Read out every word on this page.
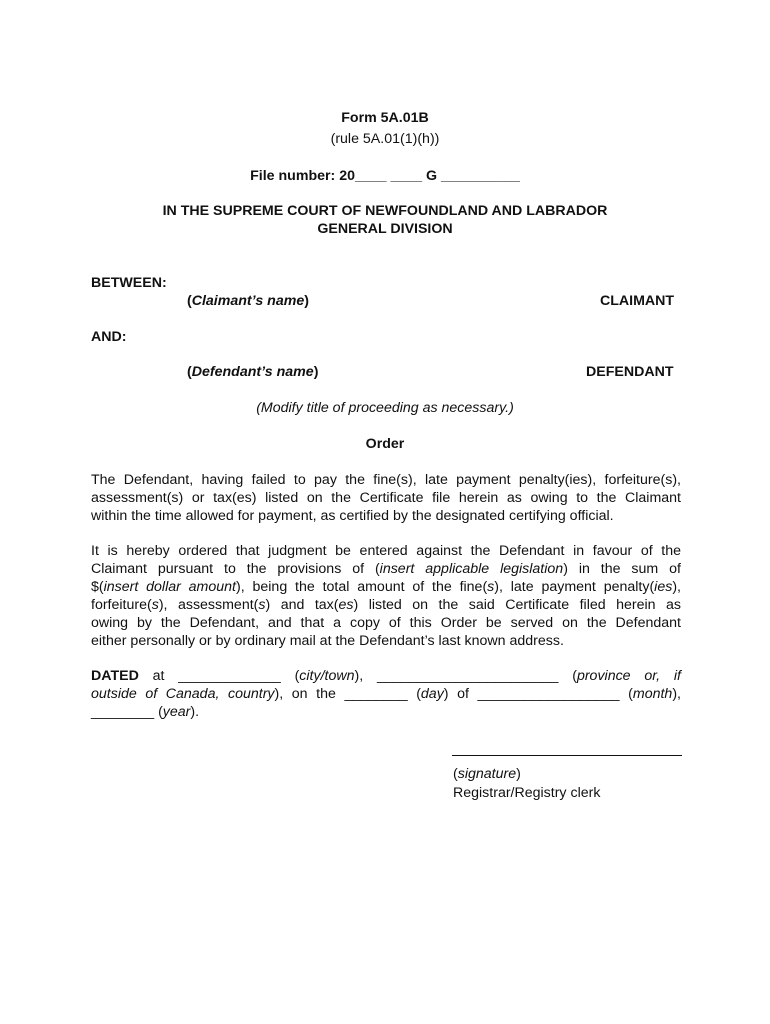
Form 5A.01B
(rule 5A.01(1)(h))
File number: 20____ ____ G __________
IN THE SUPREME COURT OF NEWFOUNDLAND AND LABRADOR
GENERAL DIVISION
BETWEEN:
(Claimant’s name)	CLAIMANT
AND:
(Defendant’s name)	DEFENDANT
(Modify title of proceeding as necessary.)
Order
The Defendant, having failed to pay the fine(s), late payment penalty(ies), forfeiture(s),
assessment(s) or tax(es) listed on the Certificate file herein as owing to the Claimant
within the time allowed for payment, as certified by the designated certifying official.
It is hereby ordered that judgment be entered against the Defendant in favour of the
Claimant pursuant to the provisions of (insert applicable legislation) in the sum of
$(insert dollar amount), being the total amount of the fine(s), late payment penalty(ies),
forfeiture(s), assessment(s) and tax(es) listed on the said Certificate filed herein as
owing by the Defendant, and that a copy of this Order be served on the Defendant
either personally or by ordinary mail at the Defendant’s last known address.
DATED at _____________ (city/town), _______________________ (province or, if
outside of Canada, country), on the ________ (day) of __________________ (month),
________ (year).
(signature)
Registrar/Registry clerk
